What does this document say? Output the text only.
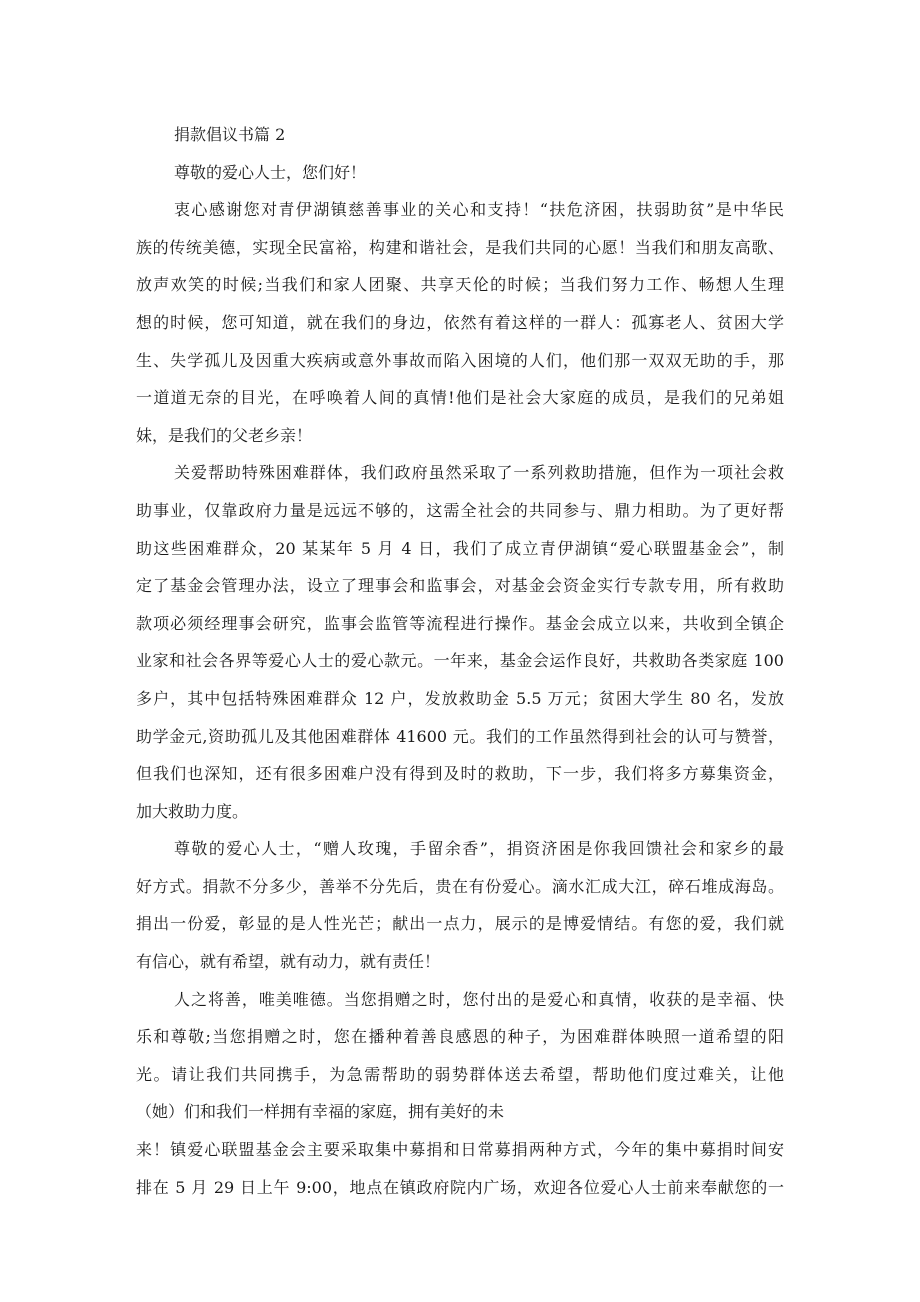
捐款倡议书篇 2
尊敬的爱心人士，您们好！
衷心感谢您对青伊湖镇慈善事业的关心和支持！“扶危济困，扶弱助贫”是中华民
族的传统美德，实现全民富裕，构建和谐社会，是我们共同的心愿！当我们和朋友高歌、
放声欢笑的时候;当我们和家人团聚、共享天伦的时候；当我们努力工作、畅想人生理
想的时候，您可知道，就在我们的身边，依然有着这样的一群人：孤寡老人、贫困大学
生、失学孤儿及因重大疾病或意外事故而陷入困境的人们，他们那一双双无助的手，那
一道道无奈的目光，在呼唤着人间的真情!他们是社会大家庭的成员，是我们的兄弟姐
妹，是我们的父老乡亲！
关爱帮助特殊困难群体，我们政府虽然采取了一系列救助措施，但作为一项社会救
助事业，仅靠政府力量是远远不够的，这需全社会的共同参与、鼎力相助。为了更好帮
助这些困难群众，20 某某年 5 月 4 日，我们了成立青伊湖镇“爱心联盟基金会”，制
定了基金会管理办法，设立了理事会和监事会，对基金会资金实行专款专用，所有救助
款项必须经理事会研究，监事会监管等流程进行操作。基金会成立以来，共收到全镇企
业家和社会各界等爱心人士的爱心款元。一年来，基金会运作良好，共救助各类家庭 100
多户，其中包括特殊困难群众 12 户，发放救助金 5.5 万元；贫困大学生 80 名，发放
助学金元,资助孤儿及其他困难群体 41600 元。我们的工作虽然得到社会的认可与赞誉，
但我们也深知，还有很多困难户没有得到及时的救助，下一步，我们将多方募集资金，
加大救助力度。
尊敬的爱心人士，“赠人玫瑰，手留余香”，捐资济困是你我回馈社会和家乡的最
好方式。捐款不分多少，善举不分先后，贵在有份爱心。滴水汇成大江，碎石堆成海岛。
捐出一份爱，彰显的是人性光芒；献出一点力，展示的是博爱情结。有您的爱，我们就
有信心，就有希望，就有动力，就有责任！
人之将善，唯美唯德。当您捐赠之时，您付出的是爱心和真情，收获的是幸福、快
乐和尊敬;当您捐赠之时，您在播种着善良感恩的种子，为困难群体映照一道希望的阳
光。请让我们共同携手，为急需帮助的弱势群体送去希望，帮助他们度过难关，让他
（她）们和我们一样拥有幸福的家庭，拥有美好的未
来！镇爱心联盟基金会主要采取集中募捐和日常募捐两种方式，今年的集中募捐时间安
排在 5 月 29 日上午 9:00，地点在镇政府院内广场，欢迎各位爱心人士前来奉献您的一
